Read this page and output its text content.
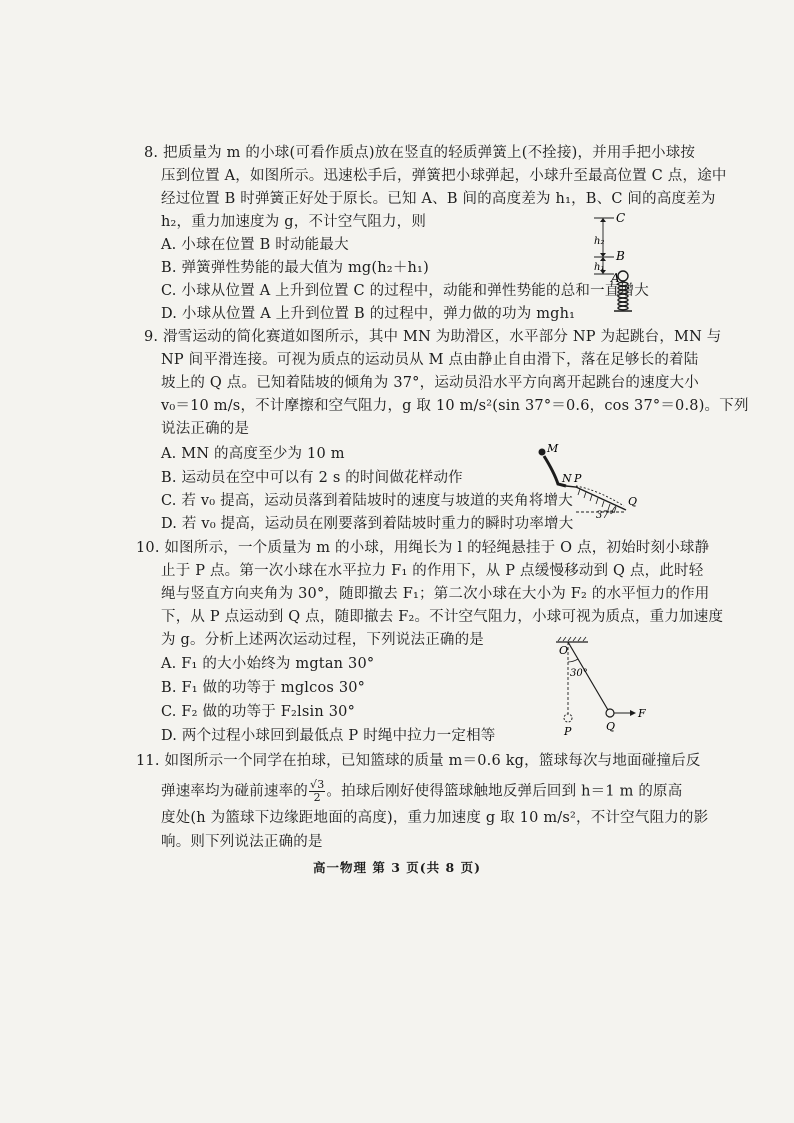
8. 把质量为 m 的小球(可看作质点)放在竖直的轻质弹簧上(不拴接)，并用手把小球按
压到位置 A，如图所示。迅速松手后，弹簧把小球弹起，小球升至最高位置 C 点，途中
经过位置 B 时弹簧正好处于原长。已知 A、B 间的高度差为 h₁，B、C 间的高度差为
h₂，重力加速度为 g，不计空气阻力，则
A. 小球在位置 B 时动能最大
B. 弹簧弹性势能的最大值为 mg(h₂＋h₁)
C. 小球从位置 A 上升到位置 C 的过程中，动能和弹性势能的总和一直增大
D. 小球从位置 A 上升到位置 B 的过程中，弹力做的功为 mgh₁
C
B
h₂
h₁
A
9. 滑雪运动的简化赛道如图所示，其中 MN 为助滑区，水平部分 NP 为起跳台，MN 与
NP 间平滑连接。可视为质点的运动员从 M 点由静止自由滑下，落在足够长的着陆
坡上的 Q 点。已知着陆坡的倾角为 37°，运动员沿水平方向离开起跳台的速度大小
v₀＝10 m/s，不计摩擦和空气阻力，g 取 10 m/s²(sin 37°＝0.6，cos 37°＝0.8)。下列
说法正确的是
A. MN 的高度至少为 10 m
B. 运动员在空中可以有 2 s 的时间做花样动作
C. 若 v₀ 提高，运动员落到着陆坡时的速度与坡道的夹角将增大
D. 若 v₀ 提高，运动员在刚要落到着陆坡时重力的瞬时功率增大
M
N P
Q
37°
10. 如图所示，一个质量为 m 的小球，用绳长为 l 的轻绳悬挂于 O 点，初始时刻小球静
止于 P 点。第一次小球在水平拉力 F₁ 的作用下，从 P 点缓慢移动到 Q 点，此时轻
绳与竖直方向夹角为 30°，随即撤去 F₁；第二次小球在大小为 F₂ 的水平恒力的作用
下，从 P 点运动到 Q 点，随即撤去 F₂。不计空气阻力，小球可视为质点，重力加速度
为 g。分析上述两次运动过程，下列说法正确的是
A. F₁ 的大小始终为 mgtan 30°
B. F₁ 做的功等于 mglcos 30°
C. F₂ 做的功等于 F₂lsin 30°
D. 两个过程小球回到最低点 P 时绳中拉力一定相等
O
30°
P	Q
F
11. 如图所示一个同学在拍球，已知篮球的质量 m＝0.6 kg，篮球每次与地面碰撞后反
弹速率均为碰前速率的 $\frac{√3}{2}$ 。拍球后刚好使得篮球触地反弹后回到 h＝1 m 的原高
度处(h 为篮球下边缘距地面的高度)，重力加速度 g 取 10 m/s²，不计空气阻力的影
响。则下列说法正确的是
高一物理 第 3 页(共 8 页)
